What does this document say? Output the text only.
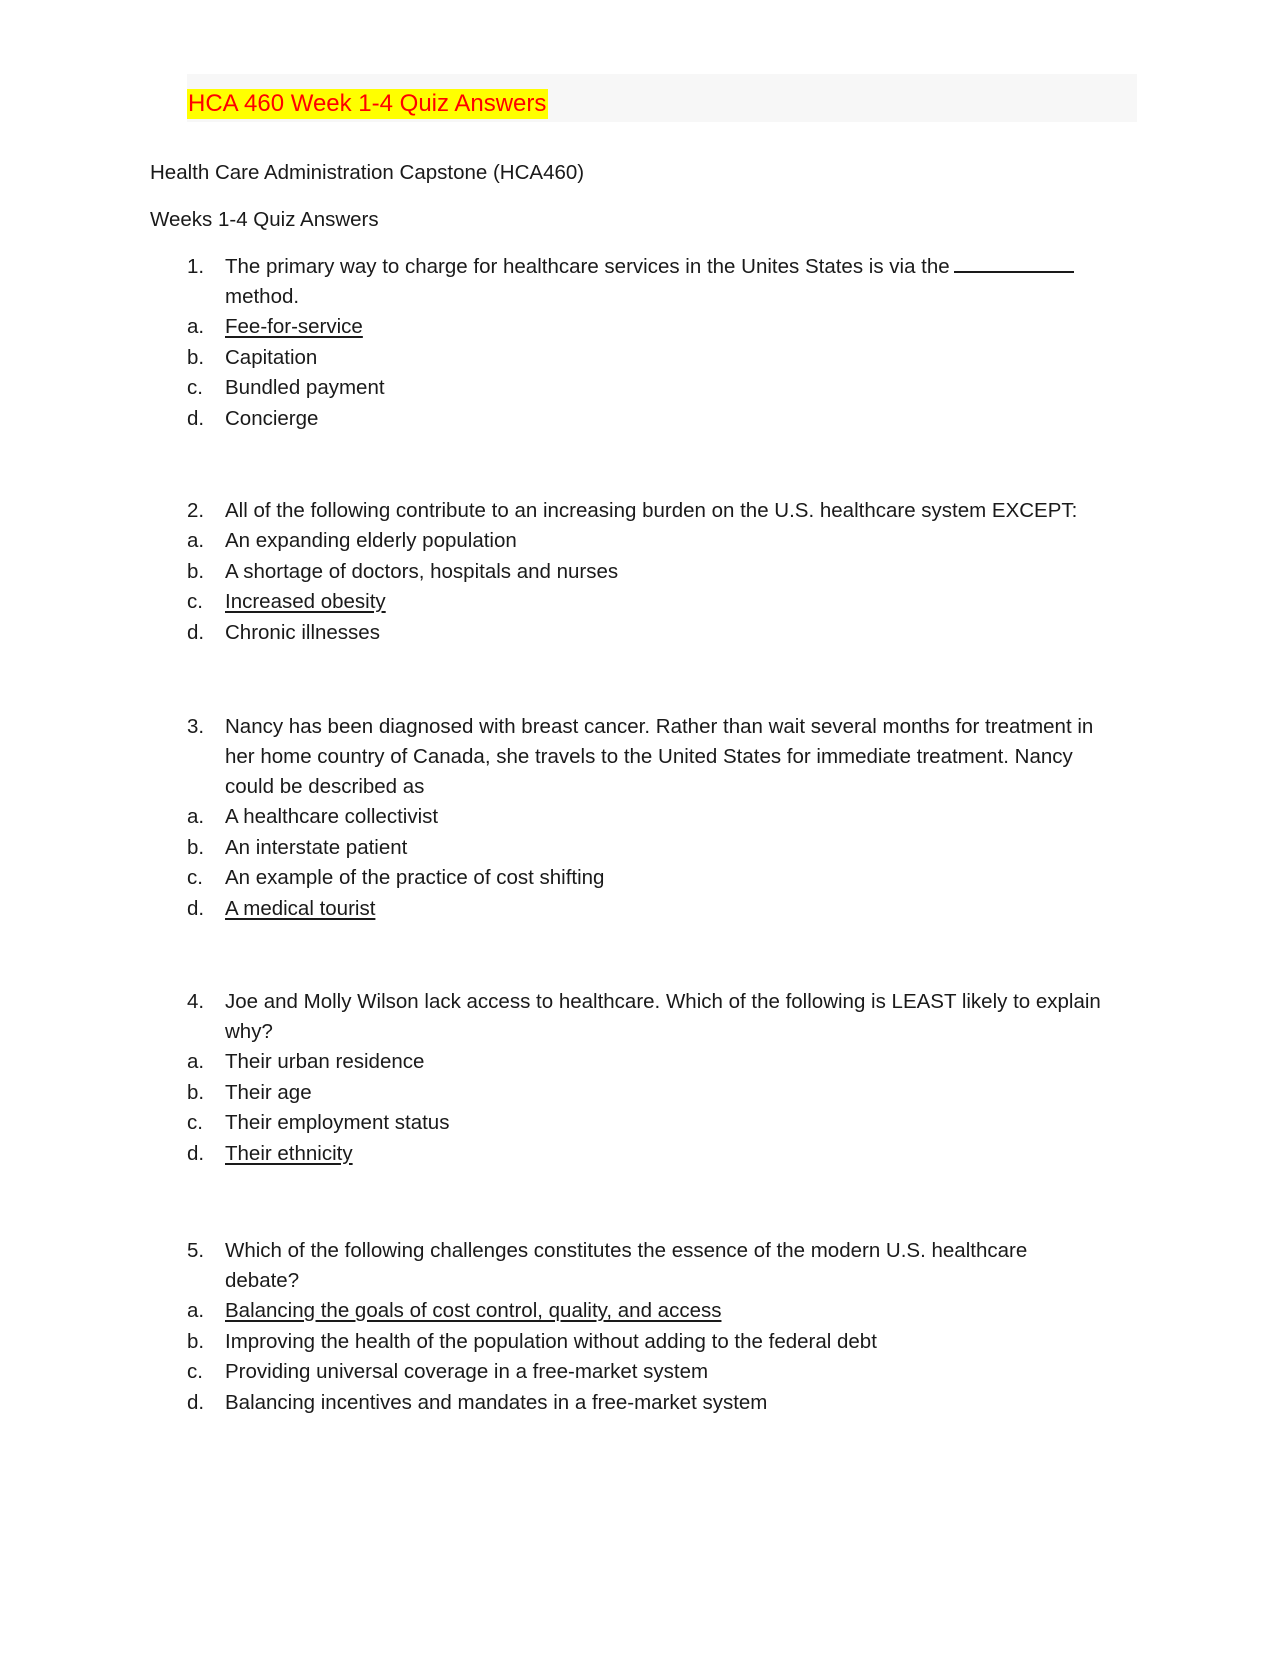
HCA 460 Week 1-4 Quiz Answers
Health Care Administration Capstone (HCA460)
Weeks 1-4 Quiz Answers
1.	The primary way to charge for healthcare services in the Unites States is via the
method.
a.	Fee-for-service
b.	Capitation
c.	Bundled payment
d.	Concierge
2.	All of the following contribute to an increasing burden on the U.S. healthcare system EXCEPT:
a.	An expanding elderly population
b.	A shortage of doctors, hospitals and nurses
c.	Increased obesity
d.	Chronic illnesses
3.	Nancy has been diagnosed with breast cancer. Rather than wait several months for treatment in her home country of Canada, she travels to the United States for immediate treatment. Nancy could be described as
a.	A healthcare collectivist
b.	An interstate patient
c.	An example of the practice of cost shifting
d.	A medical tourist
4.	Joe and Molly Wilson lack access to healthcare. Which of the following is LEAST likely to explain why?
a.	Their urban residence
b.	Their age
c.	Their employment status
d.	Their ethnicity
5.	Which of the following challenges constitutes the essence of the modern U.S. healthcare debate?
a.	Balancing the goals of cost control, quality, and access
b.	Improving the health of the population without adding to the federal debt
c.	Providing universal coverage in a free-market system
d.	Balancing incentives and mandates in a free-market system
